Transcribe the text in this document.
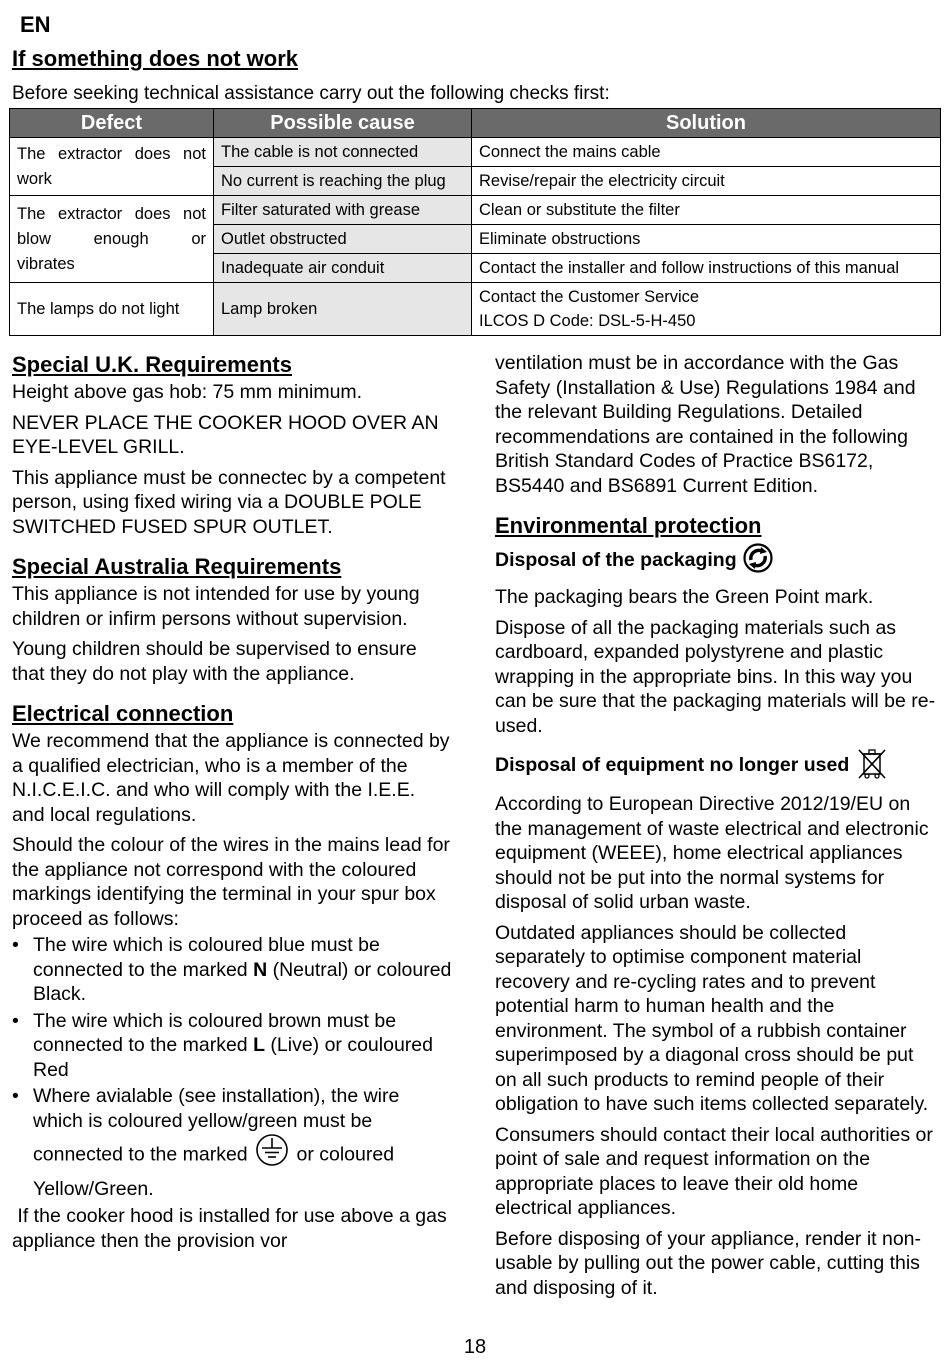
EN
If something does not work
Before seeking technical assistance carry out the following checks first:
Defect	Possible cause	Solution

The extractor does not
work	The cable is not connected	Connect the mains cable
	No current is reaching the plug	Revise/repair the electricity circuit

The extractor does not
blow enough or
vibrates	Filter saturated with grease	Clean or substitute the filter
	Outlet obstructed	Eliminate obstructions
	Inadequate air conduit	Contact the installer and follow instructions of this manual

The lamps do not light	Lamp broken	Contact the Customer Service
ILCOS D Code: DSL-5-H-450
Special U.K. Requirements

Height above gas hob: 75 mm minimum.

NEVER PLACE THE COOKER HOOD OVER AN EYE-LEVEL GRILL.

This appliance must be connectec by a competent person, using fixed wiring via a DOUBLE POLE SWITCHED FUSED SPUR OUTLET.

Special Australia Requirements

This appliance is not intended for use by young children or infirm persons without supervision.

Young children should be supervised to ensure that they do not play with the appliance.

Electrical connection

We recommend that the appliance is connected by a qualified electrician, who is a member of the N.I.C.E.I.C. and who will comply with the I.E.E. and local regulations.

Should the colour of the wires in the mains lead for the appliance not correspond with the coloured markings identifying the terminal in your spur box proceed as follows:

• The wire which is coloured blue must be connected to the marked N (Neutral) or coloured Black.
• The wire which is coloured brown must be connected to the marked L (Live) or couloured Red
• Where avialable (see installation), the wire which is coloured yellow/green must be connected to the marked  or coloured Yellow/Green.

If the cooker hood is installed for use above a gas appliance then the provision vor

ventilation must be in accordance with the Gas Safety (Installation & Use) Regulations 1984 and the relevant Building Regulations. Detailed recommendations are contained in the following British Standard Codes of Practice BS6172, BS5440 and BS6891 Current Edition.

Environmental protection
Disposal of the packaging

The packaging bears the Green Point mark.

Dispose of all the packaging materials such as cardboard, expanded polystyrene and plastic wrapping in the appropriate bins. In this way you can be sure that the packaging materials will be re-used.

Disposal of equipment no longer used

According to European Directive 2012/19/EU on the management of waste electrical and electronic equipment (WEEE), home electrical appliances should not be put into the normal systems for disposal of solid urban waste.

Outdated appliances should be collected separately to optimise component material recovery and re-cycling rates and to prevent potential harm to human health and the environment. The symbol of a rubbish container superimposed by a diagonal cross should be put on all such products to remind people of their obligation to have such items collected separately.

Consumers should contact their local authorities or point of sale and request information on the appropriate places to leave their old home electrical appliances.

Before disposing of your appliance, render it non-usable by pulling out the power cable, cutting this and disposing of it.

18
